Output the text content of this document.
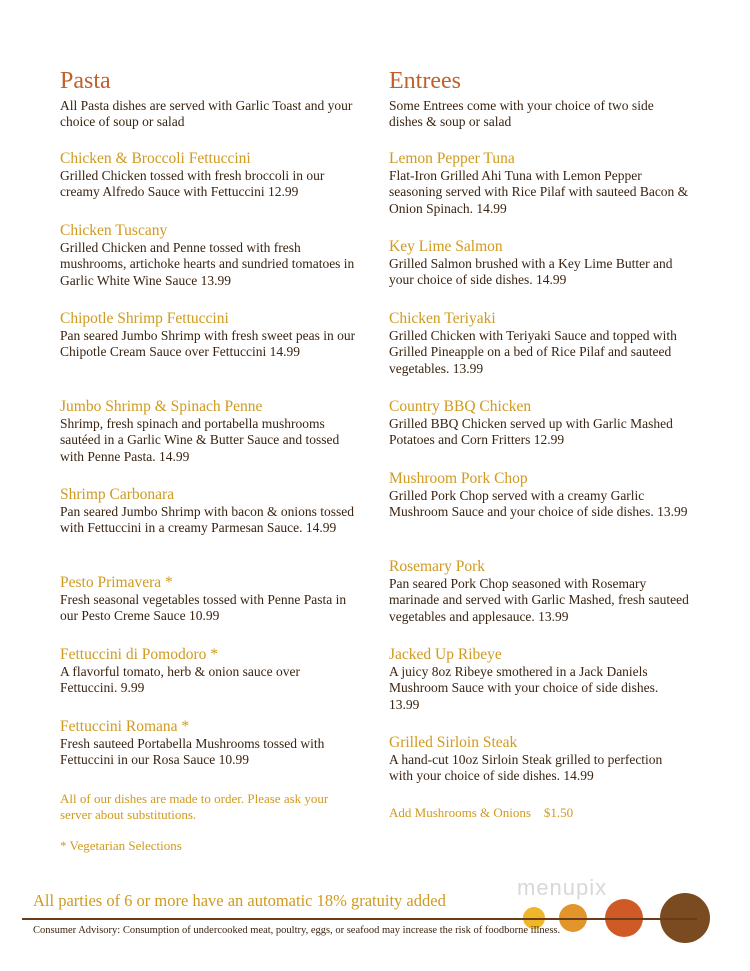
Pasta

All Pasta dishes are served with Garlic Toast and your choice of soup or salad

Chicken & Broccoli Fettuccini
Grilled Chicken tossed with fresh broccoli in our creamy Alfredo Sauce with Fettuccini 12.99
Chicken Tuscany
Grilled Chicken and Penne tossed with fresh mushrooms, artichoke hearts and sundried tomatoes in Garlic White Wine Sauce 13.99
Chipotle Shrimp Fettuccini
Pan seared Jumbo Shrimp with fresh sweet peas in our Chipotle Cream Sauce over Fettuccini 14.99
Jumbo Shrimp & Spinach Penne
Shrimp, fresh spinach and portabella mushrooms sautéed in a Garlic Wine & Butter Sauce and tossed with Penne Pasta. 14.99
Shrimp Carbonara
Pan seared Jumbo Shrimp with bacon & onions tossed with Fettuccini in a creamy Parmesan Sauce. 14.99
Pesto Primavera *
Fresh seasonal vegetables tossed with Penne Pasta in our Pesto Creme Sauce 10.99
Fettuccini di Pomodoro *
A flavorful tomato, herb & onion sauce over Fettuccini. 9.99
Fettuccini Romana *
Fresh sauteed Portabella Mushrooms tossed with Fettuccini in our Rosa Sauce 10.99
All of our dishes are made to order. Please ask your server about substitutions.
* Vegetarian Selections
Entrees

Some Entrees come with your choice of two side dishes & soup or salad

Lemon Pepper Tuna
Flat-Iron Grilled Ahi Tuna with Lemon Pepper seasoning served with Rice Pilaf with sauteed Bacon & Onion Spinach. 14.99
Key Lime Salmon
Grilled Salmon brushed with a Key Lime Butter and your choice of side dishes. 14.99
Chicken Teriyaki
Grilled Chicken with Teriyaki Sauce and topped with Grilled Pineapple on a bed of Rice Pilaf and sauteed vegetables. 13.99
Country BBQ Chicken
Grilled BBQ Chicken served up with Garlic Mashed Potatoes and Corn Fritters 12.99
Mushroom Pork Chop
Grilled Pork Chop served with a creamy Garlic Mushroom Sauce and your choice of side dishes. 13.99
Rosemary Pork
Pan seared Pork Chop seasoned with Rosemary marinade and served with Garlic Mashed, fresh sauteed vegetables and applesauce. 13.99
Jacked Up Ribeye
A juicy 8oz Ribeye smothered in a Jack Daniels Mushroom Sauce with your choice of side dishes. 13.99
Grilled Sirloin Steak
A hand-cut 10oz Sirloin Steak grilled to perfection with your choice of side dishes. 14.99
Add Mushrooms & Onions    $1.50
menupix
All parties of 6 or more have an automatic 18% gratuity added
Consumer Advisory: Consumption of undercooked meat, poultry, eggs, or seafood may increase the risk of foodborne illness.
